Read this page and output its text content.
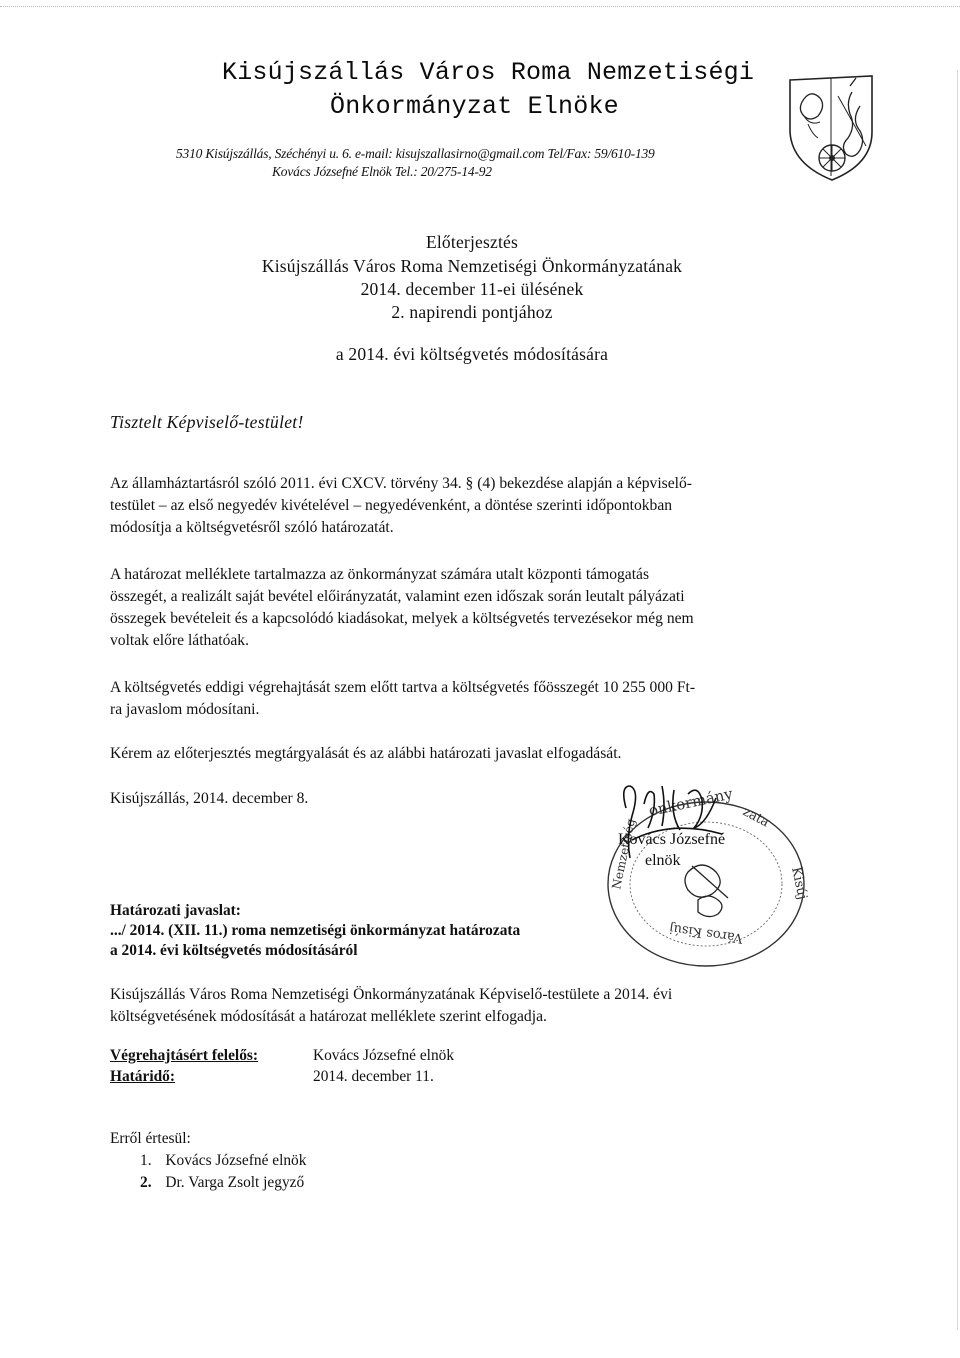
Kisújszállás Város Roma Nemzetiségi
Önkormányzat Elnöke
5310 Kisújszállás, Széchényi u. 6. e-mail: kisujszallasirno@gmail.com Tel/Fax: 59/610-139
Kovács Józsefné Elnök Tel.: 20/275-14-92
Előterjesztés
Kisújszállás Város Roma Nemzetiségi Önkormányzatának
2014. december 11-ei ülésének
2. napirendi pontjához
a 2014. évi költségvetés módosítására
Tisztelt Képviselő-testület!
Az államháztartásról szóló 2011. évi CXCV. törvény 34. § (4) bekezdése alapján a képviselő-
testület – az első negyedév kivételével – negyedévenként, a döntése szerinti időpontokban
módosítja a költségvetésről szóló határozatát.
A határozat melléklete tartalmazza az önkormányzat számára utalt központi támogatás
összegét, a realizált saját bevétel előirányzatát, valamint ezen időszak során leutalt pályázati
összegek bevételeit és a kapcsolódó kiadásokat, melyek a költségvetés tervezésekor még nem
voltak előre láthatóak.
A költségvetés eddigi végrehajtását szem előtt tartva a költségvetés főösszegét 10 255 000 Ft-
ra javaslom módosítani.
Kérem az előterjesztés megtárgyalását és az alábbi határozati javaslat elfogadását.
Kisújszállás, 2014. december 8.	onkormány zata
Kisúj
Város Kisúj
Nemzetiség
Kovács Józsefné
elnök
Határozati javaslat:
.../ 2014. (XII. 11.) roma nemzetiségi önkormányzat határozata
a 2014. évi költségvetés módosításáról
Kisújszállás Város Roma Nemzetiségi Önkormányzatának Képviselő-testülete a 2014. évi
költségvetésének módosítását a határozat melléklete szerint elfogadja.
Végrehajtásért felelős:	Kovács Józsefné elnök
Határidő:	2014. december 11.
Erről értesül:
1. Kovács Józsefné elnök
2. Dr. Varga Zsolt jegyző
